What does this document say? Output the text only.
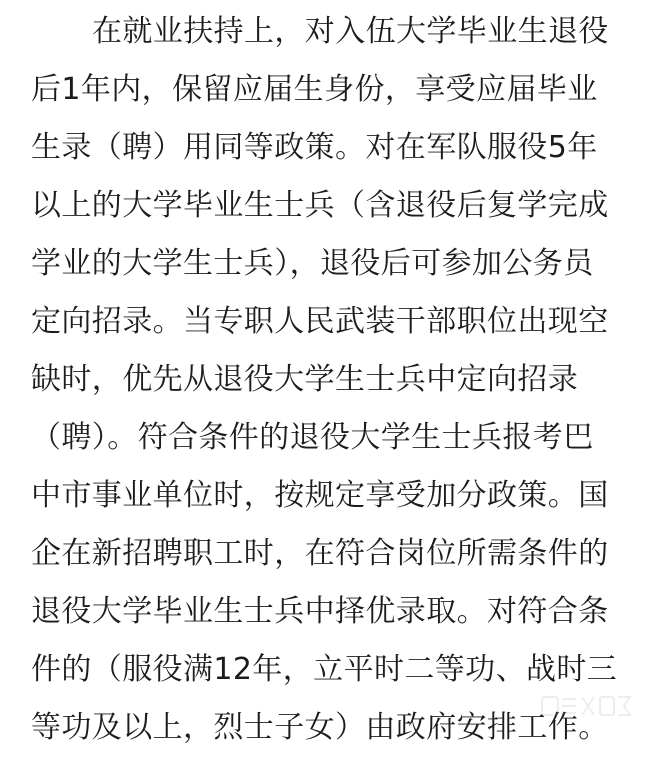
在就业扶持上，对入伍大学毕业生退役
后1年内，保留应届生身份，享受应届毕业
生录（聘）用同等政策。对在军队服役5年
以上的大学毕业生士兵（含退役后复学完成
学业的大学生士兵），退役后可参加公务员
定向招录。当专职人民武装干部职位出现空
缺时，优先从退役大学生士兵中定向招录
（聘）。符合条件的退役大学生士兵报考巴
中市事业单位时，按规定享受加分政策。国
企在新招聘职工时，在符合岗位所需条件的
退役大学毕业生士兵中择优录取。对符合条
件的（服役满12年，立平时二等功、战时三
等功及以上，烈士子女）由政府安排工作。
